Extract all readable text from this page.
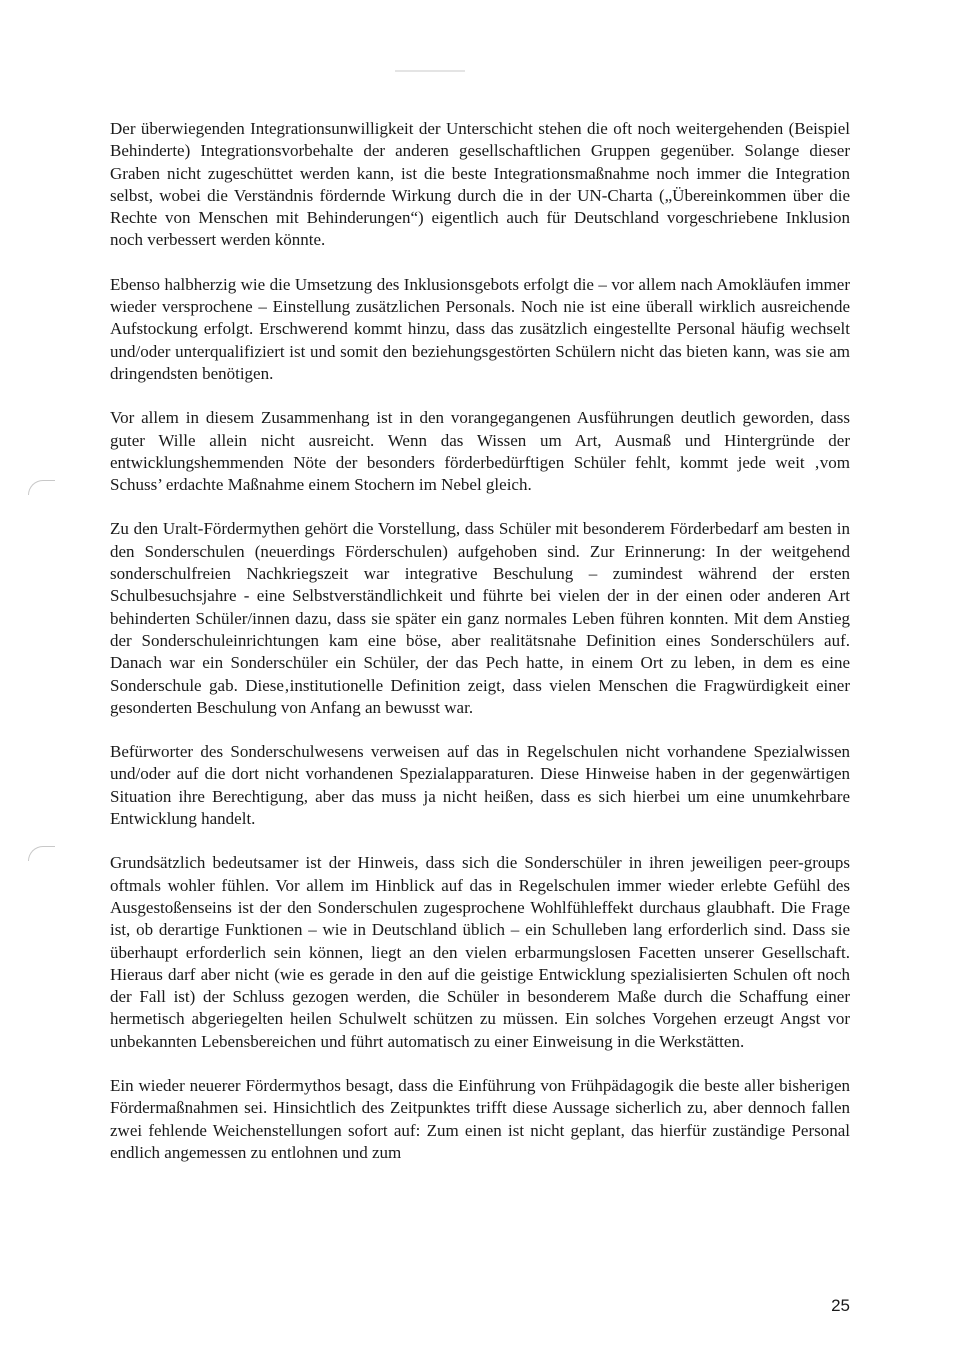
Der überwiegenden Integrationsunwilligkeit der Unterschicht stehen die oft noch weitergehenden (Beispiel Behinderte) Integrationsvorbehalte der anderen gesellschaftlichen Gruppen gegenüber. Solange dieser Graben nicht zugeschüttet werden kann, ist die beste Integrationsmaßnahme noch immer die Integration selbst, wobei die Verständnis fördernde Wirkung durch die in der UN-Charta („Übereinkommen über die Rechte von Menschen mit Behinderungen“) eigentlich auch für Deutschland vorgeschriebene Inklusion noch verbessert werden könnte.

Ebenso halbherzig wie die Umsetzung des Inklusionsgebots erfolgt die – vor allem nach Amokläufen immer wieder versprochene – Einstellung zusätzlichen Personals. Noch nie ist eine überall wirklich ausreichende Aufstockung erfolgt. Erschwerend kommt hinzu, dass das zusätzlich eingestellte Personal häufig wechselt und/oder unterqualifiziert ist und somit den beziehungsgestörten Schülern nicht das bieten kann, was sie am dringendsten benötigen.

Vor allem in diesem Zusammenhang ist in den vorangegangenen Ausführungen deutlich geworden, dass guter Wille allein nicht ausreicht. Wenn das Wissen um Art, Ausmaß und Hintergründe der entwicklungshemmenden Nöte der besonders förderbedürftigen Schüler fehlt, kommt jede weit ‚vom Schuss’ erdachte Maßnahme einem Stochern im Nebel gleich.

Zu den Uralt-Fördermythen gehört die Vorstellung, dass Schüler mit besonderem Förderbedarf am besten in den Sonderschulen (neuerdings Förderschulen) aufgehoben sind. Zur Erinnerung: In der weitgehend sonderschulfreien Nachkriegszeit war integrative Beschulung – zumindest während der ersten Schulbesuchsjahre - eine Selbstverständlichkeit und führte bei vielen der in der einen oder anderen Art behinderten Schüler/innen dazu, dass sie später ein ganz normales Leben führen konnten. Mit dem Anstieg der Sonderschuleinrichtungen kam eine böse, aber realitätsnahe Definition eines Sonderschülers auf. Danach war ein Sonderschüler ein Schüler, der das Pech hatte, in einem Ort zu leben, in dem es eine Sonderschule gab. Diese‚institutionelle Definition zeigt, dass vielen Menschen die Fragwürdigkeit einer gesonderten Beschulung von Anfang an bewusst war.

Befürworter des Sonderschulwesens verweisen auf das in Regelschulen nicht vorhandene Spezialwissen und/oder auf die dort nicht vorhandenen Spezialapparaturen. Diese Hinweise haben in der gegenwärtigen Situation ihre Berechtigung, aber das muss ja nicht heißen, dass es sich hierbei um eine unumkehrbare Entwicklung handelt.

Grundsätzlich bedeutsamer ist der Hinweis, dass sich die Sonderschüler in ihren jeweiligen peer-groups oftmals wohler fühlen. Vor allem im Hinblick auf das in Regelschulen immer wieder erlebte Gefühl des Ausgestoßenseins ist der den Sonderschulen zugesprochene Wohlfühleffekt durchaus glaubhaft. Die Frage ist, ob derartige Funktionen – wie in Deutschland üblich – ein Schulleben lang erforderlich sind. Dass sie überhaupt erforderlich sein können, liegt an den vielen erbarmungslosen Facetten unserer Gesellschaft. Hieraus darf aber nicht (wie es gerade in den auf die geistige Entwicklung spezialisierten Schulen oft noch der Fall ist) der Schluss gezogen werden, die Schüler in besonderem Maße durch die Schaffung einer hermetisch abgeriegelten heilen Schulwelt schützen zu müssen. Ein solches Vorgehen erzeugt Angst vor unbekannten Lebensbereichen und führt automatisch zu einer Einweisung in die Werkstätten.

Ein wieder neuerer Fördermythos besagt, dass die Einführung von Frühpädagogik die beste aller bisherigen Fördermaßnahmen sei. Hinsichtlich des Zeitpunktes trifft diese Aussage sicherlich zu, aber dennoch fallen zwei fehlende Weichenstellungen sofort auf: Zum einen ist nicht geplant, das hierfür zuständige Personal endlich angemessen zu entlohnen und zum

25
